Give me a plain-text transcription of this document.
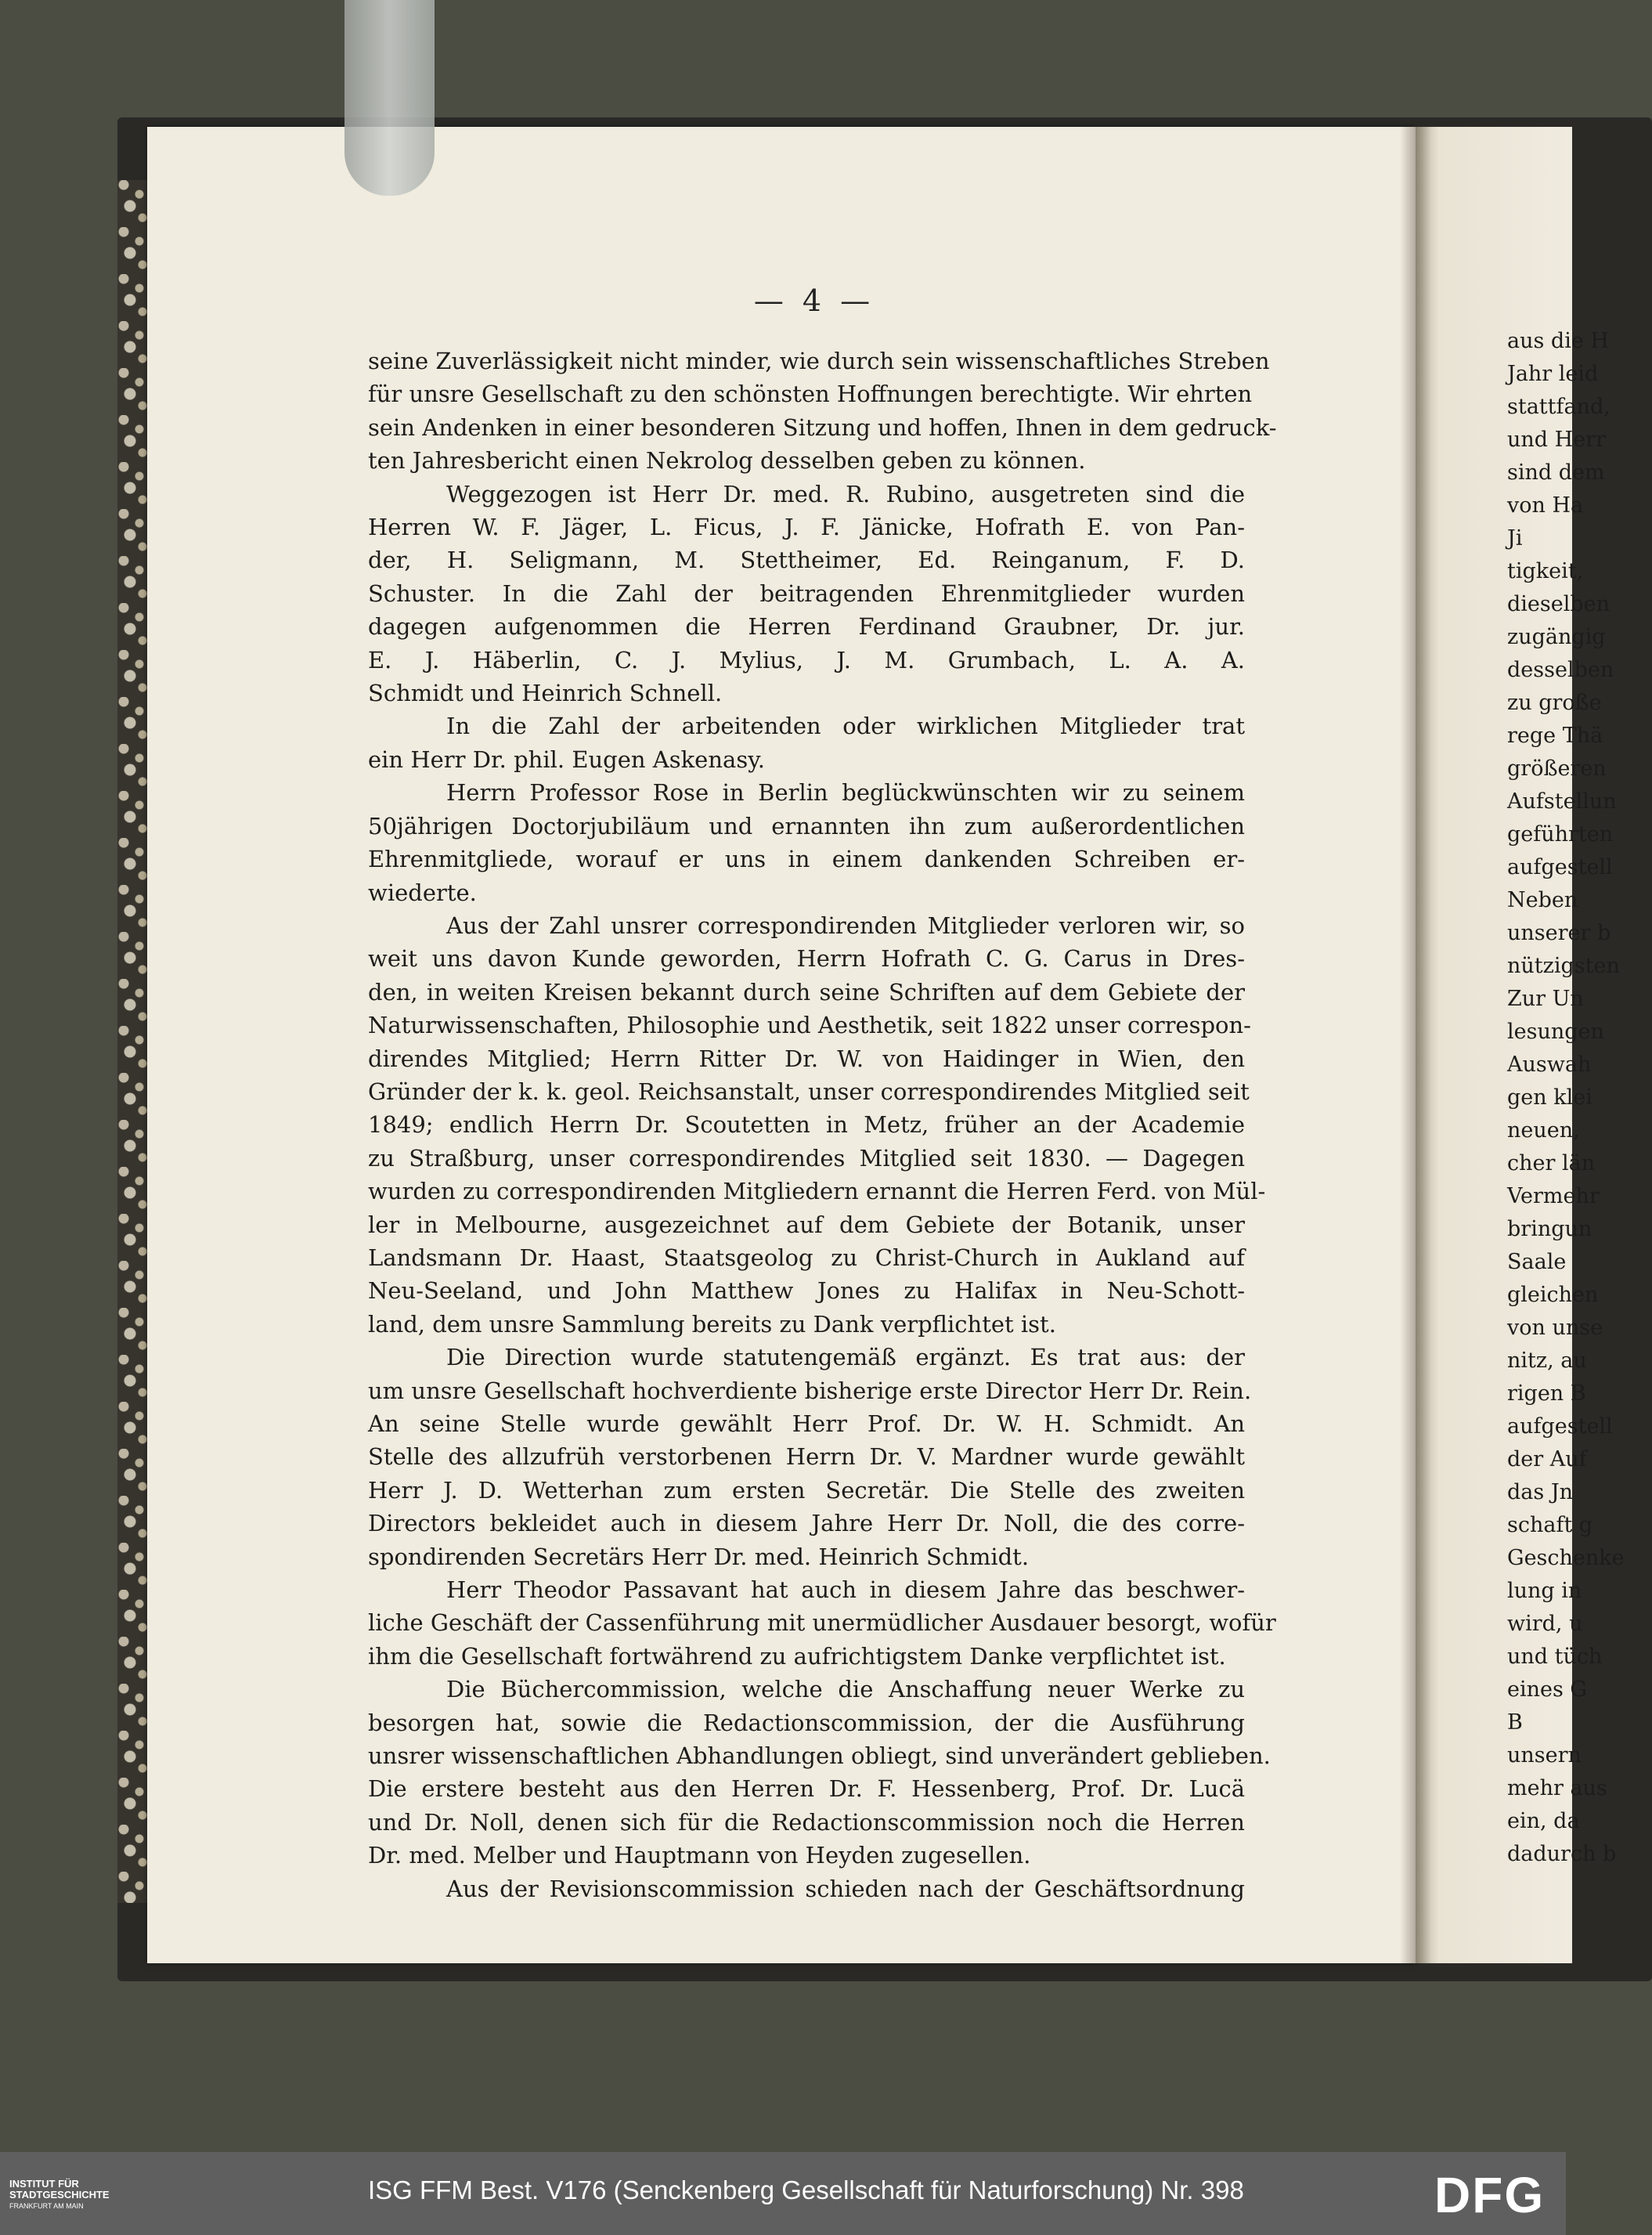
— 4 —
seine Zuverlässigkeit nicht minder, wie durch sein wissenschaftliches Streben
für unsre Gesellschaft zu den schönsten Hoffnungen berechtigte. Wir ehrten
sein Andenken in einer besonderen Sitzung und hoffen, Ihnen in dem gedruck-
ten Jahresbericht einen Nekrolog desselben geben zu können.
Weggezogen ist Herr Dr. med. R. Rubino, ausgetreten sind die
Herren W. F. Jäger, L. Ficus, J. F. Jänicke, Hofrath E. von Pan-
der, H. Seligmann, M. Stettheimer, Ed. Reinganum, F. D.
Schuster. In die Zahl der beitragenden Ehrenmitglieder wurden
dagegen aufgenommen die Herren Ferdinand Graubner, Dr. jur.
E. J. Häberlin, C. J. Mylius, J. M. Grumbach, L. A. A.
Schmidt und Heinrich Schnell.
In die Zahl der arbeitenden oder wirklichen Mitglieder trat
ein Herr Dr. phil. Eugen Askenasy.
Herrn Professor Rose in Berlin beglückwünschten wir zu seinem
50jährigen Doctorjubiläum und ernannten ihn zum außerordentlichen
Ehrenmitgliede, worauf er uns in einem dankenden Schreiben er-
wiederte.
Aus der Zahl unsrer correspondirenden Mitglieder verloren wir, so
weit uns davon Kunde geworden, Herrn Hofrath C. G. Carus in Dres-
den, in weiten Kreisen bekannt durch seine Schriften auf dem Gebiete der
Naturwissenschaften, Philosophie und Aesthetik, seit 1822 unser correspon-
direndes Mitglied; Herrn Ritter Dr. W. von Haidinger in Wien, den
Gründer der k. k. geol. Reichsanstalt, unser correspondirendes Mitglied seit
1849; endlich Herrn Dr. Scoutetten in Metz, früher an der Academie
zu Straßburg, unser correspondirendes Mitglied seit 1830. — Dagegen
wurden zu correspondirenden Mitgliedern ernannt die Herren Ferd. von Mül-
ler in Melbourne, ausgezeichnet auf dem Gebiete der Botanik, unser
Landsmann Dr. Haast, Staatsgeolog zu Christ-Church in Aukland auf
Neu-Seeland, und John Matthew Jones zu Halifax in Neu-Schott-
land, dem unsre Sammlung bereits zu Dank verpflichtet ist.
Die Direction wurde statutengemäß ergänzt. Es trat aus: der
um unsre Gesellschaft hochverdiente bisherige erste Director Herr Dr. Rein.
An seine Stelle wurde gewählt Herr Prof. Dr. W. H. Schmidt. An
Stelle des allzufrüh verstorbenen Herrn Dr. V. Mardner wurde gewählt
Herr J. D. Wetterhan zum ersten Secretär. Die Stelle des zweiten
Directors bekleidet auch in diesem Jahre Herr Dr. Noll, die des corre-
spondirenden Secretärs Herr Dr. med. Heinrich Schmidt.
Herr Theodor Passavant hat auch in diesem Jahre das beschwer-
liche Geschäft der Cassenführung mit unermüdlicher Ausdauer besorgt, wofür
ihm die Gesellschaft fortwährend zu aufrichtigstem Danke verpflichtet ist.
Die Büchercommission, welche die Anschaffung neuer Werke zu
besorgen hat, sowie die Redactionscommission, der die Ausführung
unsrer wissenschaftlichen Abhandlungen obliegt, sind unverändert geblieben.
Die erstere besteht aus den Herren Dr. F. Hessenberg, Prof. Dr. Lucä
und Dr. Noll, denen sich für die Redactionscommission noch die Herren
Dr. med. Melber und Hauptmann von Heyden zugesellen.
Aus der Revisionscommission schieden nach der Geschäftsordnung
aus die H
Jahr leid
stattfand,
und Herr
sind dem
von Ha
Ji
tigkeit,
dieselben
zugängig
desselben
zu große
rege Thä
größeren
Aufstellun
geführten
aufgestell
Neben
unserer b
nützigsten
Zur Un
lesungen
Auswah
gen klei
neuen,
cher län
Vermehr
bringun
Saale
gleichen
von unse
nitz, au
rigen B
aufgestell
der Auf
das Jn
schaft g
Geschenke
lung in
wird, u
und tüch
eines G
B
unsern
mehr aus
ein, da
dadurch b
INSTITUT FÜR
STADTGESCHICHTE
FRANKFURT AM MAIN
ISG FFM Best. V176 (Senckenberg Gesellschaft für Naturforschung) Nr. 398	DFG
